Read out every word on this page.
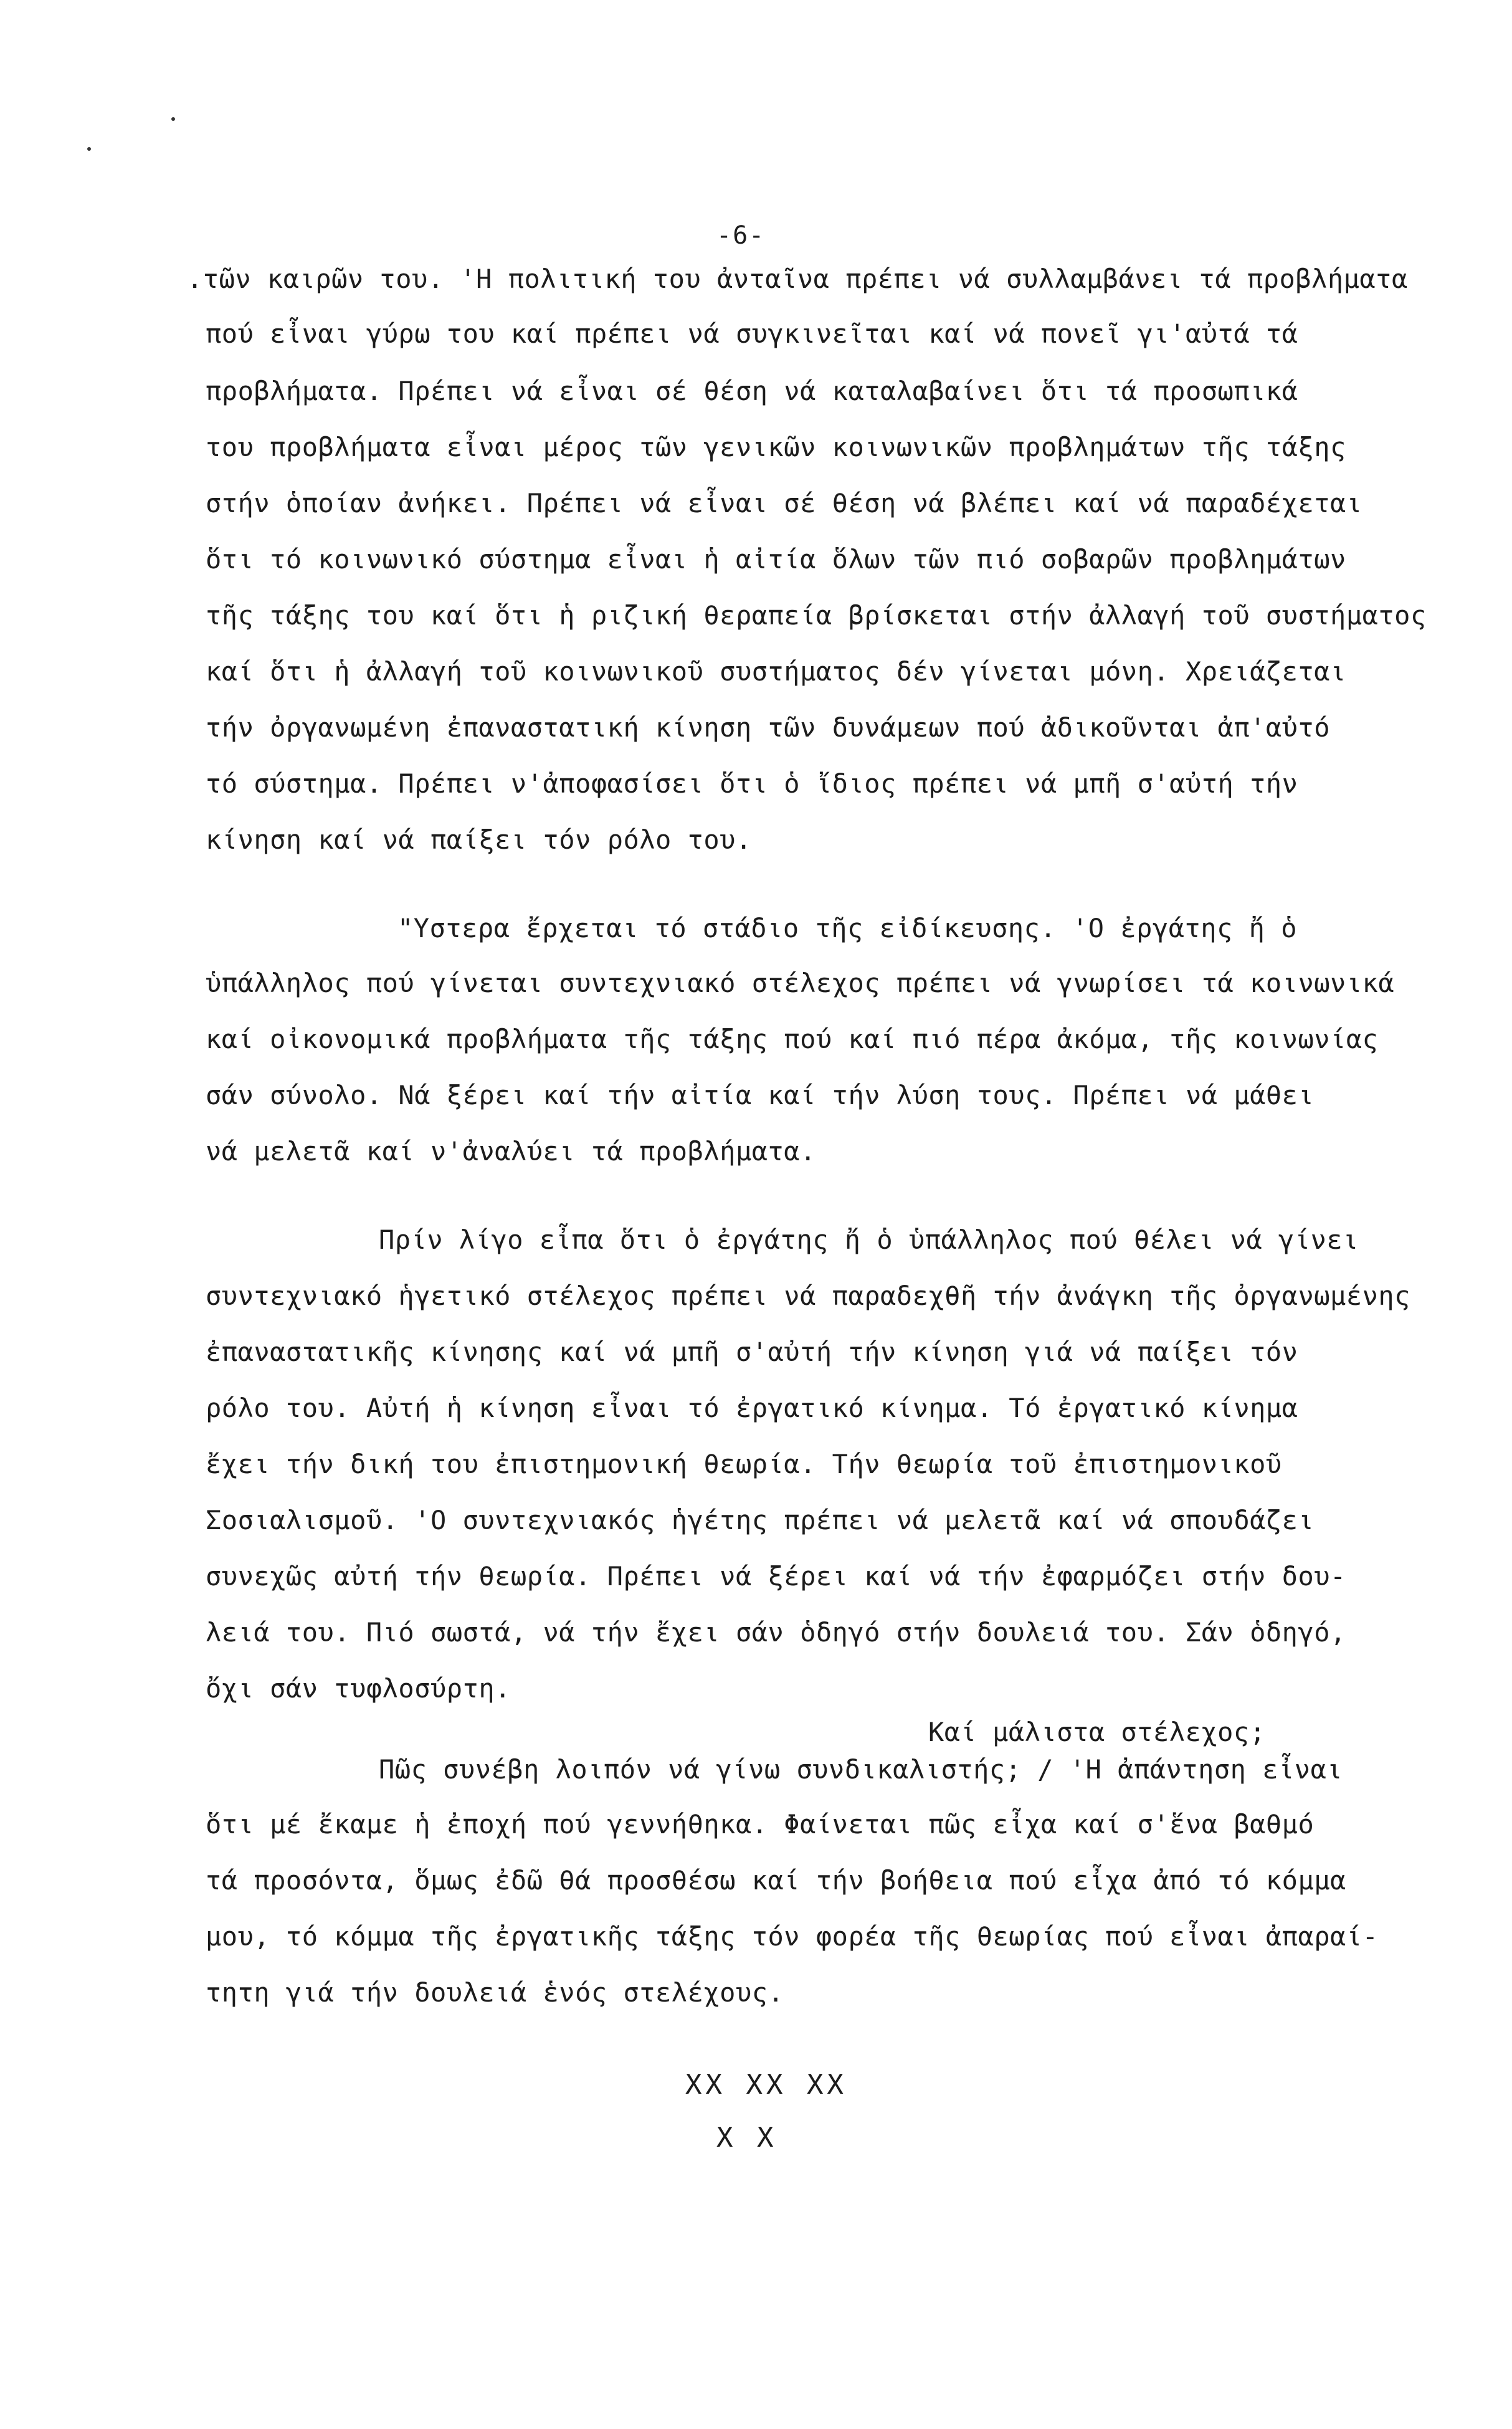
-6-
.τῶν καιρῶν του. 'Η πολιτική του ἀνταῖνα πρέπει νά συλλαμβάνει τά προβλήματα
πού εἶναι γύρω του καί πρέπει νά συγκινεῖται καί νά πονεῖ γι'αὐτά τά
προβλήματα. Πρέπει νά εἶναι σέ θέση νά καταλαβαίνει ὅτι τά προσωπικά
του προβλήματα εἶναι μέρος τῶν γενικῶν κοινωνικῶν προβλημάτων τῆς τάξης
στήν ὁποίαν ἀνήκει. Πρέπει νά εἶναι σέ θέση νά βλέπει καί νά παραδέχεται
ὅτι τό κοινωνικό σύστημα εἶναι ἡ αἰτία ὅλων τῶν πιό σοβαρῶν προβλημάτων
τῆς τάξης του καί ὅτι ἡ ριζική θεραπεία βρίσκεται στήν ἀλλαγή τοῦ συστήματος
καί ὅτι ἡ ἀλλαγή τοῦ κοινωνικοῦ συστήματος δέν γίνεται μόνη. Χρειάζεται
τήν ὀργανωμένη ἐπαναστατική κίνηση τῶν δυνάμεων πού ἀδικοῦνται ἀπ'αὐτό
τό σύστημα. Πρέπει ν'ἀποφασίσει ὅτι ὁ ἴδιος πρέπει νά μπῆ σ'αὐτή τήν
κίνηση καί νά παίξει τόν ρόλο του.
"Υστερα ἔρχεται τό στάδιο τῆς εἰδίκευσης. 'Ο ἐργάτης ἤ ὁ
ὑπάλληλος πού γίνεται συντεχνιακό στέλεχος πρέπει νά γνωρίσει τά κοινωνικά
καί οἰκονομικά προβλήματα τῆς τάξης πού καί πιό πέρα ἀκόμα, τῆς κοινωνίας
σάν σύνολο. Νά ξέρει καί τήν αἰτία καί τήν λύση τους. Πρέπει νά μάθει
νά μελετᾶ καί ν'ἀναλύει τά προβλήματα.
Πρίν λίγο εἶπα ὅτι ὁ ἐργάτης ἤ ὁ ὑπάλληλος πού θέλει νά γίνει
συντεχνιακό ἡγετικό στέλεχος πρέπει νά παραδεχθῆ τήν ἀνάγκη τῆς ὀργανωμένης
ἐπαναστατικῆς κίνησης καί νά μπῆ σ'αὐτή τήν κίνηση γιά νά παίξει τόν
ρόλο του. Αὐτή ἡ κίνηση εἶναι τό ἐργατικό κίνημα. Τό ἐργατικό κίνημα
ἔχει τήν δική του ἐπιστημονική θεωρία. Τήν θεωρία τοῦ ἐπιστημονικοῦ
Σοσιαλισμοῦ. 'Ο συντεχνιακός ἡγέτης πρέπει νά μελετᾶ καί νά σπουδάζει
συνεχῶς αὐτή τήν θεωρία. Πρέπει νά ξέρει καί νά τήν ἐφαρμόζει στήν δου-
λειά του. Πιό σωστά, νά τήν ἔχει σάν ὁδηγό στήν δουλειά του. Σάν ὁδηγό,
ὄχι σάν τυφλοσύρτη.
Καί μάλιστα στέλεχος;
Πῶς συνέβη λοιπόν νά γίνω συνδικαλιστής; / 'Η ἀπάντηση εἶναι
ὅτι μέ ἔκαμε ἡ ἐποχή πού γεννήθηκα. Φαίνεται πῶς εἶχα καί σ'ἕνα βαθμό
τά προσόντα, ὅμως ἐδῶ θά προσθέσω καί τήν βοήθεια πού εἶχα ἀπό τό κόμμα
μου, τό κόμμα τῆς ἐργατικῆς τάξης τόν φορέα τῆς θεωρίας πού εἶναι ἀπαραί-
τητη γιά τήν δουλειά ἑνός στελέχους.
XX XX XX
X X
